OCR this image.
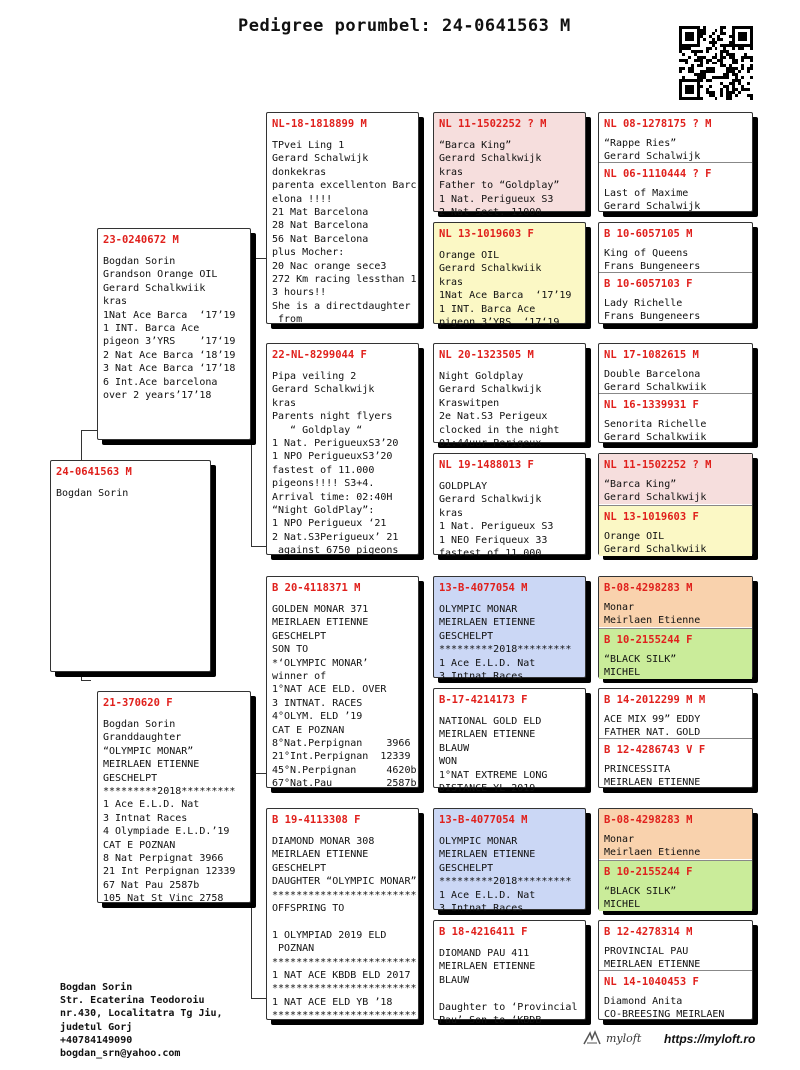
Pedigree porumbel: 24-0641563 M
24-0641563 M
Bogdan Sorin
23-0240672 M
Bogdan Sorin
Grandson Orange OIL
Gerard Schalkwiik
kras
1Nat Ace Barca  ‘17’19
1 INT. Barca Ace
pigeon 3’YRS    ’17‘19
2 Nat Ace Barca ‘18’19
3 Nat Ace Barca ‘17’18
6 Int.Ace barcelona
over 2 years’17’18
21-370620 F
Bogdan Sorin
Granddaughter
“OLYMPIC MONAR”
MEIRLAEN ETIENNE
GESCHELPT
*********2018*********
1 Ace E.L.D. Nat
3 Intnat Races
4 Olympiade E.L.D.’19
CAT E POZNAN
8 Nat Perpignat 3966
21 Int Perpignan 12339
67 Nat Pau 2587b
105 Nat St Vinc 2758
NL-18-1818899 M
TPvei Ling 1
Gerard Schalwijk
donkekras
parenta excellenton Barc
elona !!!!
21 Mat Barcelona
28 Nat Barcelona
56 Nat Barcelona
plus Mocher:
20 Nac orange sece3
272 Km racing lessthan 1
3 hours!!
She is a directdaughter
from
22-NL-8299044 F
Pipa veiling 2
Gerard Schalkwijk
kras
Parents night flyers
“ Goldplay “
1 Nat. PerigueuxS3’20
1 NPO PerigueuxS3’20
fastest of 11.000
pigeons!!!! S3+4.
Arrival time: 02:40H
“Night GoldPlay”:
1 NPO Perigueux ‘21
2 Nat.S3Perigueux’ 21
against 6750 pigeons
B 20-4118371 M
GOLDEN MONAR 371
MEIRLAEN ETIENNE
GESCHELPT
SON TO
*‘OLYMPIC MONAR’
winner of
1°NAT ACE ELD. OVER
3 INTNAT. RACES
4°OLYM. ELD ’19
CAT E POZNAN
8°Nat.Perpignan    3966
21°Int.Perpignan  12339
45°N.Perpignan     4620b
67°Nat.Pau         2587b
B 19-4113308 F
DIAMOND MONAR 308
MEIRLAEN ETIENNE
GESCHELPT
DAUGHTER “OLYMPIC MONAR”
************************
OFFSPRING TO

1 OLYMPIAD 2019 ELD
POZNAN
************************
1 NAT ACE KBDB ELD 2017
************************
1 NAT ACE ELD YB ’18
************************
NL 11-1502252 ? M
“Barca King”
Gerard Schalkwijk
kras
Father to “Goldplay”
1 Nat. Perigueux S3
2 Nat Sect. 11000
NL 13-1019603 F
Orange OIL
Gerard Schalkwiik
kras
1Nat Ace Barca  ‘17’19
1 INT. Barca Ace
pigeon 3’YRS  ‘17‘19
NL 20-1323505 M
Night Goldplay
Gerard Schalkwijk
Kraswitpen
2e Nat.S3 Perigeux
clocked in the night
01:44uur Perigeux
NL 19-1488013 F
GOLDPLAY
Gerard Schalkwijk
kras
1 Nat. Perigueux S3
1 NEO Feriqueux 33
fastest of 11.000
13-B-4077054 M
OLYMPIC MONAR
MEIRLAEN ETIENNE
GESCHELPT
*********2018*********
1 Ace E.L.D. Nat
3 Intnat Races
B-17-4214173 F
NATIONAL GOLD ELD
MEIRLAEN ETIENNE
BLAUW
WON
1°NAT EXTREME LONG
DISTANCE YL 2019
13-B-4077054 M
OLYMPIC MONAR
MEIRLAEN ETIENNE
GESCHELPT
*********2018*********
1 Ace E.L.D. Nat
3 Intnat Races
B 18-4216411 F
DIOMAND PAU 411
MEIRLAEN ETIENNE
BLAUW

Daughter to ‘Provincial
Pau’ Son to ‘KBDB
NL 08-1278175 ? M
“Rappe Ries”
Gerard Schalwijk
NL 06-1110444 ? F
Last of Maxime
Gerard Schalwijk
B 10-6057105 M
King of Queens
Frans Bungeneers
B 10-6057103 F
Lady Richelle
Frans Bungeneers
NL 17-1082615 M
Double Barcelona
Gerard Schalkwiik
NL 16-1339931 F
Senorita Richelle
Gerard Schalkwiik
NL 11-1502252 ? M
“Barca King”
Gerard Schalkwijk
NL 13-1019603 F
Orange OIL
Gerard Schalkwiik
B-08-4298283 M
Monar
Meirlaen Etienne
B 10-2155244 F
“BLACK SILK”
MICHEL
B 14-2012299 M M
ACE MIX 99” EDDY
FATHER NAT. GOLD
B 12-4286743 V F
PRINCESSITA
MEIRLAEN ETIENNE
B-08-4298283 M
Monar
Meirlaen Etienne
B 10-2155244 F
“BLACK SILK”
MICHEL
B 12-4278314 M
PROVINCIAL PAU
MEIRLAEN ETIENNE
NL 14-1040453 F
Diamond Anita
CO-BREESING MEIRLAEN
Bogdan Sorin
Str. Ecaterina Teodoroiu
nr.430, Localitatra Tg Jiu,
judetul Gorj
+40784149090
bogdan_srn@yahoo.com
myloft https://myloft.ro
